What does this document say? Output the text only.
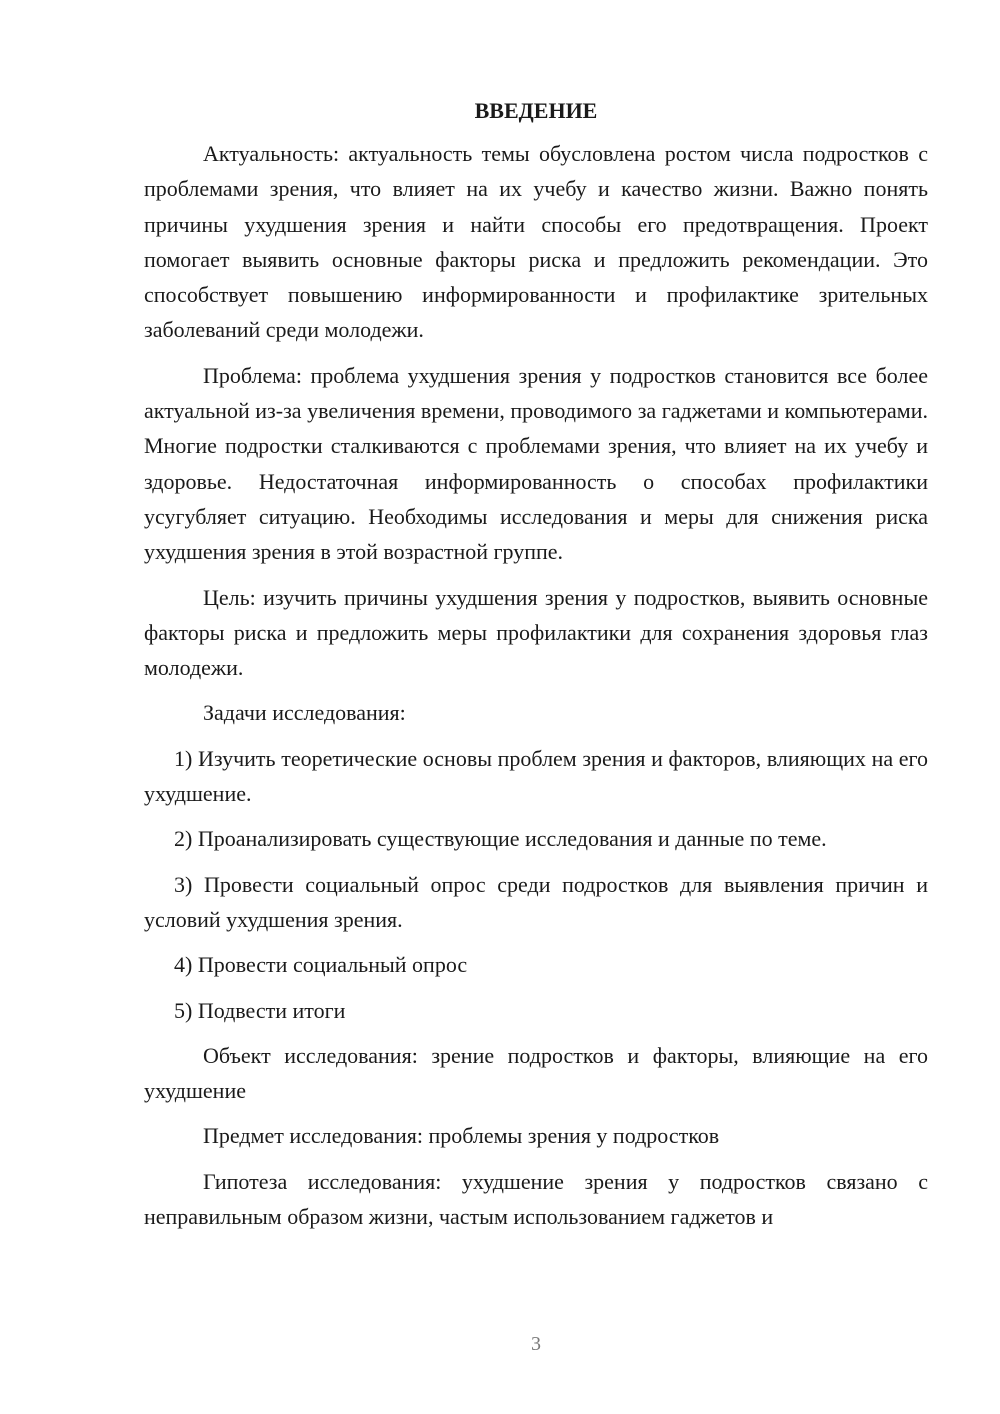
ВВЕДЕНИЕ

Актуальность: актуальность темы обусловлена ростом числа подростков с проблемами зрения, что влияет на их учебу и качество жизни. Важно понять причины ухудшения зрения и найти способы его предотвращения. Проект помогает выявить основные факторы риска и предложить рекомендации. Это способствует повышению информированности и профилактике зрительных заболеваний среди молодежи.

Проблема: проблема ухудшения зрения у подростков становится все более актуальной из-за увеличения времени, проводимого за гаджетами и компьютерами. Многие подростки сталкиваются с проблемами зрения, что влияет на их учебу и здоровье. Недостаточная информированность о способах профилактики усугубляет ситуацию. Необходимы исследования и меры для снижения риска ухудшения зрения в этой возрастной группе.

Цель: изучить причины ухудшения зрения у подростков, выявить основные факторы риска и предложить меры профилактики для сохранения здоровья глаз молодежи.

Задачи исследования:

1) Изучить теоретические основы проблем зрения и факторов, влияющих на его ухудшение.

2) Проанализировать существующие исследования и данные по теме.

3) Провести социальный опрос среди подростков для выявления причин и условий ухудшения зрения.

4) Провести социальный опрос

5) Подвести итоги

Объект исследования: зрение подростков и факторы, влияющие на его ухудшение

Предмет исследования: проблемы зрения у подростков

Гипотеза исследования: ухудшение зрения у подростков связано с неправильным образом жизни, частым использованием гаджетов и

3
